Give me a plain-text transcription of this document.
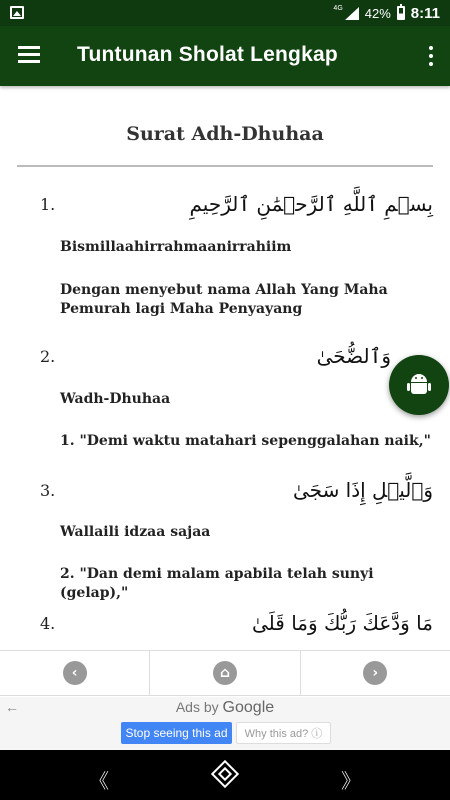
4G 42% 8:11
Tuntunan Sholat Lengkap
Surat Adh-Dhuhaa
1.	بِسۡمِ ٱللَّهِ ٱلرَّحۡمَٰنِ ٱلرَّحِيمِ
Bismillaahirrahmaanirrahiim
Dengan menyebut nama Allah Yang Maha Pemurah lagi Maha Penyayang
2.	وَٱلضُّحَىٰ
Wadh-Dhuhaa
1. "Demi waktu matahari sepenggalahan naik,"
3.	وَٱلَّيۡلِ إِذَا سَجَىٰ
Wallaili idzaa sajaa
2. "Dan demi malam apabila telah sunyi (gelap),"
4.	مَا وَدَّعَكَ رَبُّكَ وَمَا قَلَىٰ
‹	⌂	›
←	Ads by Google
Stop seeing this ad	Why this ad? ⓘ
《	》
